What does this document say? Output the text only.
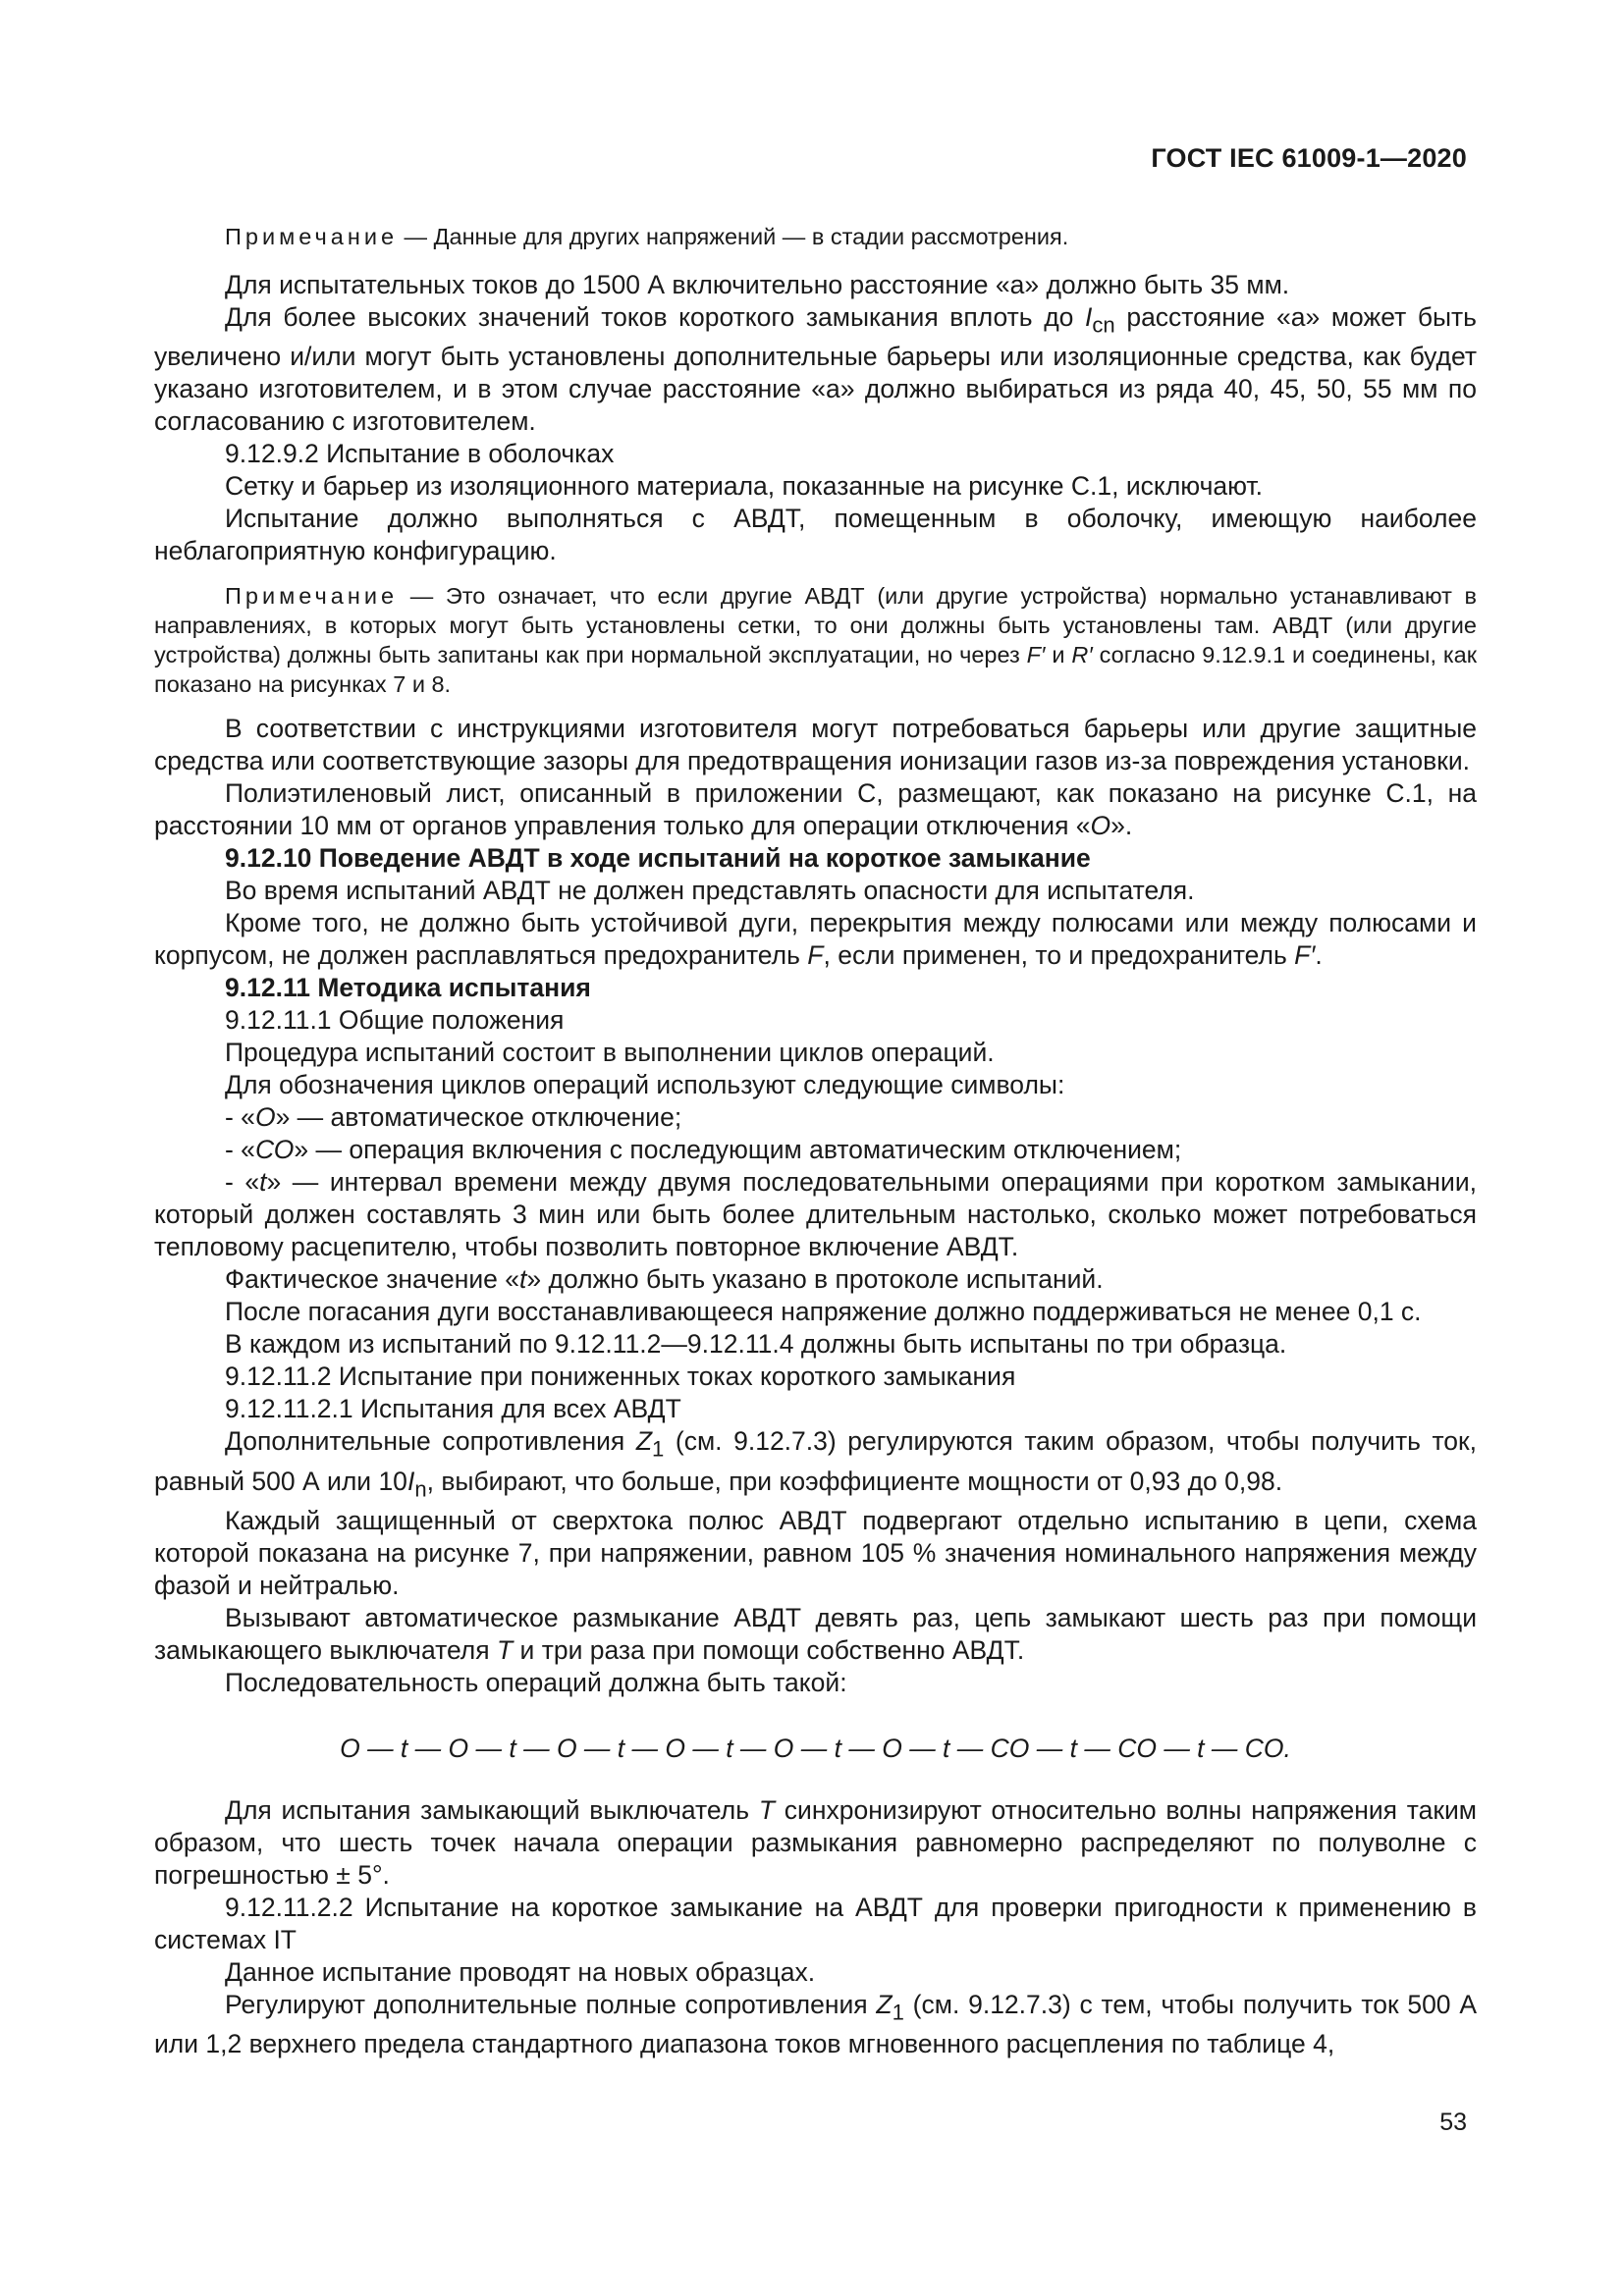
ГОСТ IEC 61009-1—2020
Примечание — Данные для других напряжений — в стадии рассмотрения.

Для испытательных токов до 1500 А включительно расстояние «а» должно быть 35 мм.

Для более высоких значений токов короткого замыкания вплоть до $I_{cn}$ расстояние «а» может быть увеличено и/или могут быть установлены дополнительные барьеры или изоляционные средства, как будет указано изготовителем, и в этом случае расстояние «а» должно выбираться из ряда 40, 45, 50, 55 мм по согласованию с изготовителем.

9.12.9.2 Испытание в оболочках

Сетку и барьер из изоляционного материала, показанные на рисунке С.1, исключают.

Испытание должно выполняться с АВДТ, помещенным в оболочку, имеющую наиболее неблагоприятную конфигурацию.

Примечание — Это означает, что если другие АВДТ (или другие устройства) нормально устанавливают в направлениях, в которых могут быть установлены сетки, то они должны быть установлены там. АВДТ (или другие устройства) должны быть запитаны как при нормальной эксплуатации, но через F′ и R′ согласно 9.12.9.1 и соединены, как показано на рисунках 7 и 8.

В соответствии с инструкциями изготовителя могут потребоваться барьеры или другие защитные средства или соответствующие зазоры для предотвращения ионизации газов из-за повреждения установки.

Полиэтиленовый лист, описанный в приложении С, размещают, как показано на рисунке С.1, на расстоянии 10 мм от органов управления только для операции отключения «О».

9.12.10 Поведение АВДТ в ходе испытаний на короткое замыкание

Во время испытаний АВДТ не должен представлять опасности для испытателя.

Кроме того, не должно быть устойчивой дуги, перекрытия между полюсами или между полюсами и корпусом, не должен расплавляться предохранитель F, если применен, то и предохранитель F′.

9.12.11 Методика испытания

9.12.11.1 Общие положения

Процедура испытаний состоит в выполнении циклов операций.

Для обозначения циклов операций используют следующие символы:

- «О» — автоматическое отключение;

- «СО» — операция включения с последующим автоматическим отключением;

- «t» — интервал времени между двумя последовательными операциями при коротком замыкании, который должен составлять 3 мин или быть более длительным настолько, сколько может потребоваться тепловому расцепителю, чтобы позволить повторное включение АВДТ.

Фактическое значение «t» должно быть указано в протоколе испытаний.

После погасания дуги восстанавливающееся напряжение должно поддерживаться не менее 0,1 с.

В каждом из испытаний по 9.12.11.2—9.12.11.4 должны быть испытаны по три образца.

9.12.11.2 Испытание при пониженных токах короткого замыкания

9.12.11.2.1 Испытания для всех АВДТ

Дополнительные сопротивления $Z_1$ (см. 9.12.7.3) регулируются таким образом, чтобы получить ток, равный 500 А или $10I_n$, выбирают, что больше, при коэффициенте мощности от 0,93 до 0,98.

Каждый защищенный от сверхтока полюс АВДТ подвергают отдельно испытанию в цепи, схема которой показана на рисунке 7, при напряжении, равном 105 % значения номинального напряжения между фазой и нейтралью.

Вызывают автоматическое размыкание АВДТ девять раз, цепь замыкают шесть раз при помощи замыкающего выключателя Т и три раза при помощи собственно АВДТ.

Последовательность операций должна быть такой:

O — t — O — t — O — t — O — t — O — t — O — t — CO — t — CO — t — CO.

Для испытания замыкающий выключатель Т синхронизируют относительно волны напряжения таким образом, что шесть точек начала операции размыкания равномерно распределяют по полуволне с погрешностью ± 5°.

9.12.11.2.2 Испытание на короткое замыкание на АВДТ для проверки пригодности к применению в системах IT

Данное испытание проводят на новых образцах.

Регулируют дополнительные полные сопротивления $Z_1$ (см. 9.12.7.3) с тем, чтобы получить ток 500 А или 1,2 верхнего предела стандартного диапазона токов мгновенного расцепления по таблице 4,

53
